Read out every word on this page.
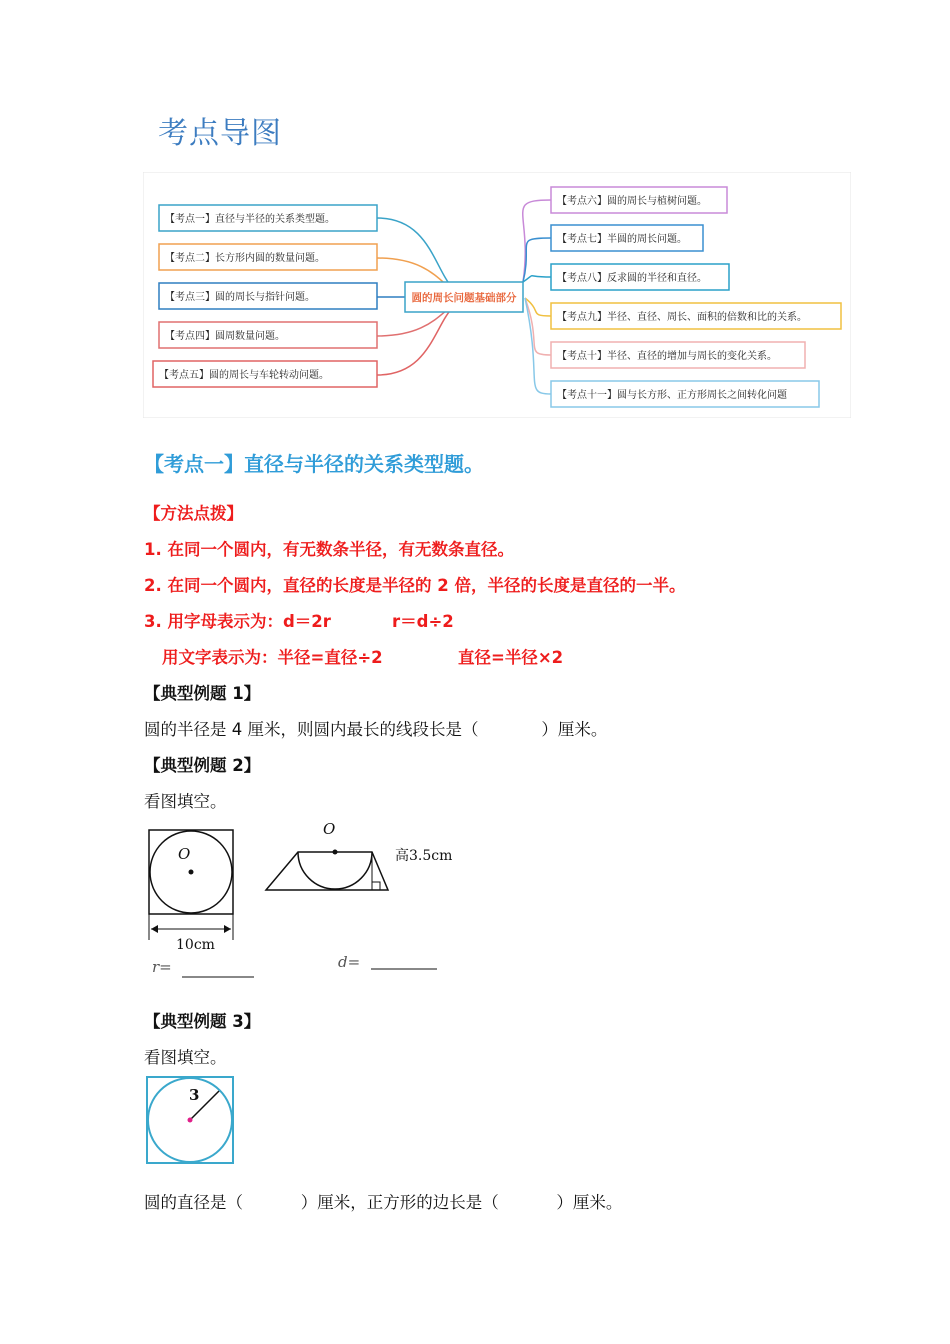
考点导图
圆的周长问题基础部分
【考点一】直径与半径的关系类型题。
【考点二】长方形内圆的数量问题。
【考点三】圆的周长与指针问题。
【考点四】圆周数量问题。
【考点五】圆的周长与车轮转动问题。
【考点六】圆的周长与植树问题。
【考点七】半圆的周长问题。
【考点八】反求圆的半径和直径。
【考点九】半径、直径、周长、面积的倍数和比的关系。
【考点十】半径、直径的增加与周长的变化关系。
【考点十一】圆与长方形、正方形周长之间转化问题
【考点一】直径与半径的关系类型题。
【方法点拨】
1. 在同一个圆内，有无数条半径，有无数条直径。
2. 在同一个圆内，直径的长度是半径的 2 倍，半径的长度是直径的一半。
3. 用字母表示为：d＝2r	r＝d÷2
用文字表示为：半径=直径÷2	直径=半径×2
【典型例题 1】
圆的半径是 4 厘米，则圆内最长的线段长是（            ）厘米。
【典型例题 2】
看图填空。
O
10cm
r=
O
高3.5cm
d=
【典型例题 3】
看图填空。
3
圆的直径是（           ）厘米，正方形的边长是（           ）厘米。
